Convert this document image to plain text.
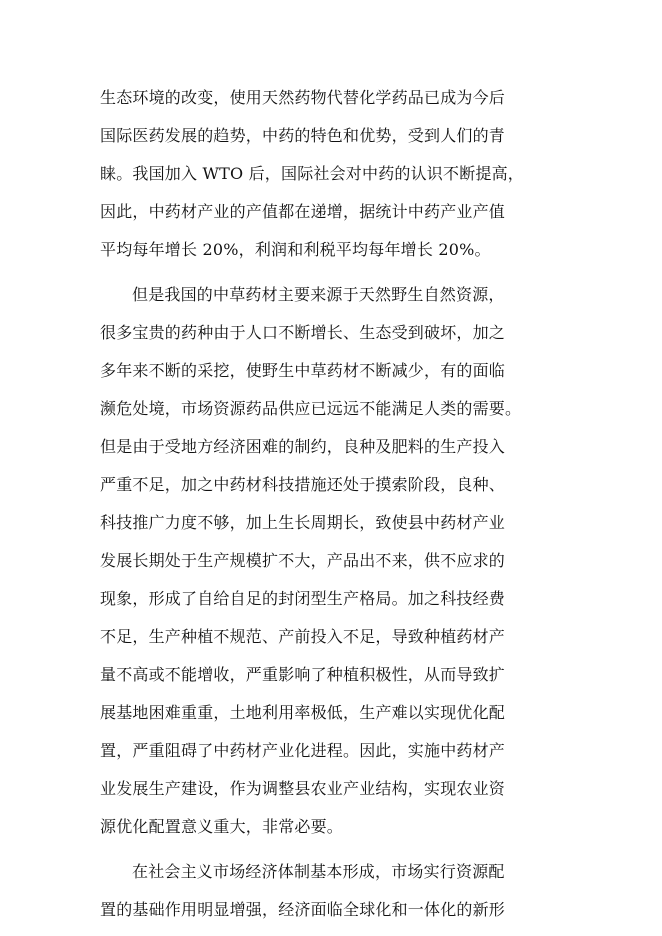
生态环境的改变，使用天然药物代替化学药品已成为今后
国际医药发展的趋势，中药的特色和优势，受到人们的青
睐。我国加入 WTO 后，国际社会对中药的认识不断提高，
因此，中药材产业的产值都在递增，据统计中药产业产值
平均每年增长 20%，利润和利税平均每年增长 20%。
但是我国的中草药材主要来源于天然野生自然资源，
很多宝贵的药种由于人口不断增长、生态受到破坏，加之
多年来不断的采挖，使野生中草药材不断减少，有的面临
濒危处境，市场资源药品供应已远远不能满足人类的需要。
但是由于受地方经济困难的制约，良种及肥料的生产投入
严重不足，加之中药材科技措施还处于摸索阶段，良种、
科技推广力度不够，加上生长周期长，致使县中药材产业
发展长期处于生产规模扩不大，产品出不来，供不应求的
现象，形成了自给自足的封闭型生产格局。加之科技经费
不足，生产种植不规范、产前投入不足，导致种植药材产
量不高或不能增收，严重影响了种植积极性，从而导致扩
展基地困难重重，土地利用率极低，生产难以实现优化配
置，严重阻碍了中药材产业化进程。因此，实施中药材产
业发展生产建设，作为调整县农业产业结构，实现农业资
源优化配置意义重大，非常必要。
在社会主义市场经济体制基本形成，市场实行资源配
置的基础作用明显增强，经济面临全球化和一体化的新形
